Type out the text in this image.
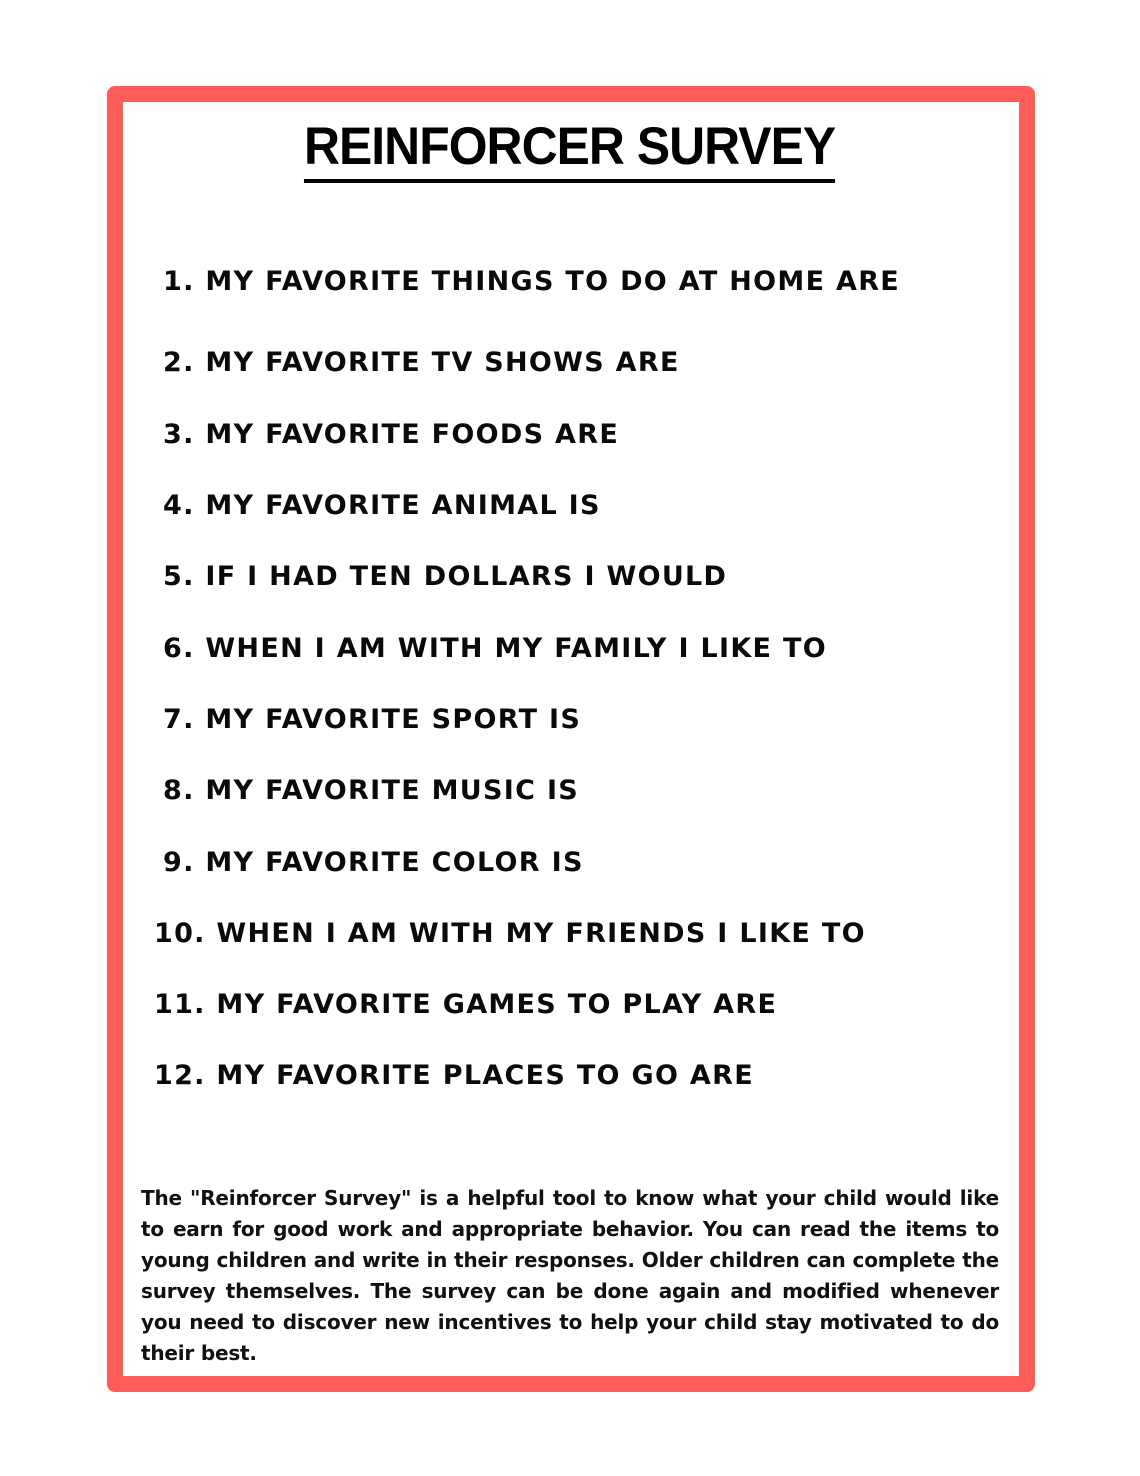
REINFORCER SURVEY

1. MY FAVORITE THINGS TO DO AT HOME ARE

2. MY FAVORITE TV SHOWS ARE

3. MY FAVORITE FOODS ARE

4. MY FAVORITE ANIMAL IS

5. IF I HAD TEN DOLLARS I WOULD

6. WHEN I AM WITH MY FAMILY I LIKE TO

7. MY FAVORITE SPORT IS

8. MY FAVORITE MUSIC IS

9. MY FAVORITE COLOR IS

10. WHEN I AM WITH MY FRIENDS I LIKE TO

11. MY FAVORITE GAMES TO PLAY ARE

12. MY FAVORITE PLACES TO GO ARE

The "Reinforcer Survey" is a helpful tool to know what your child would like to earn for good work and appropriate behavior. You can read the items to young children and write in their responses. Older children can complete the survey themselves. The survey can be done again and modified whenever you need to discover new incentives to help your child stay motivated to do their best.
